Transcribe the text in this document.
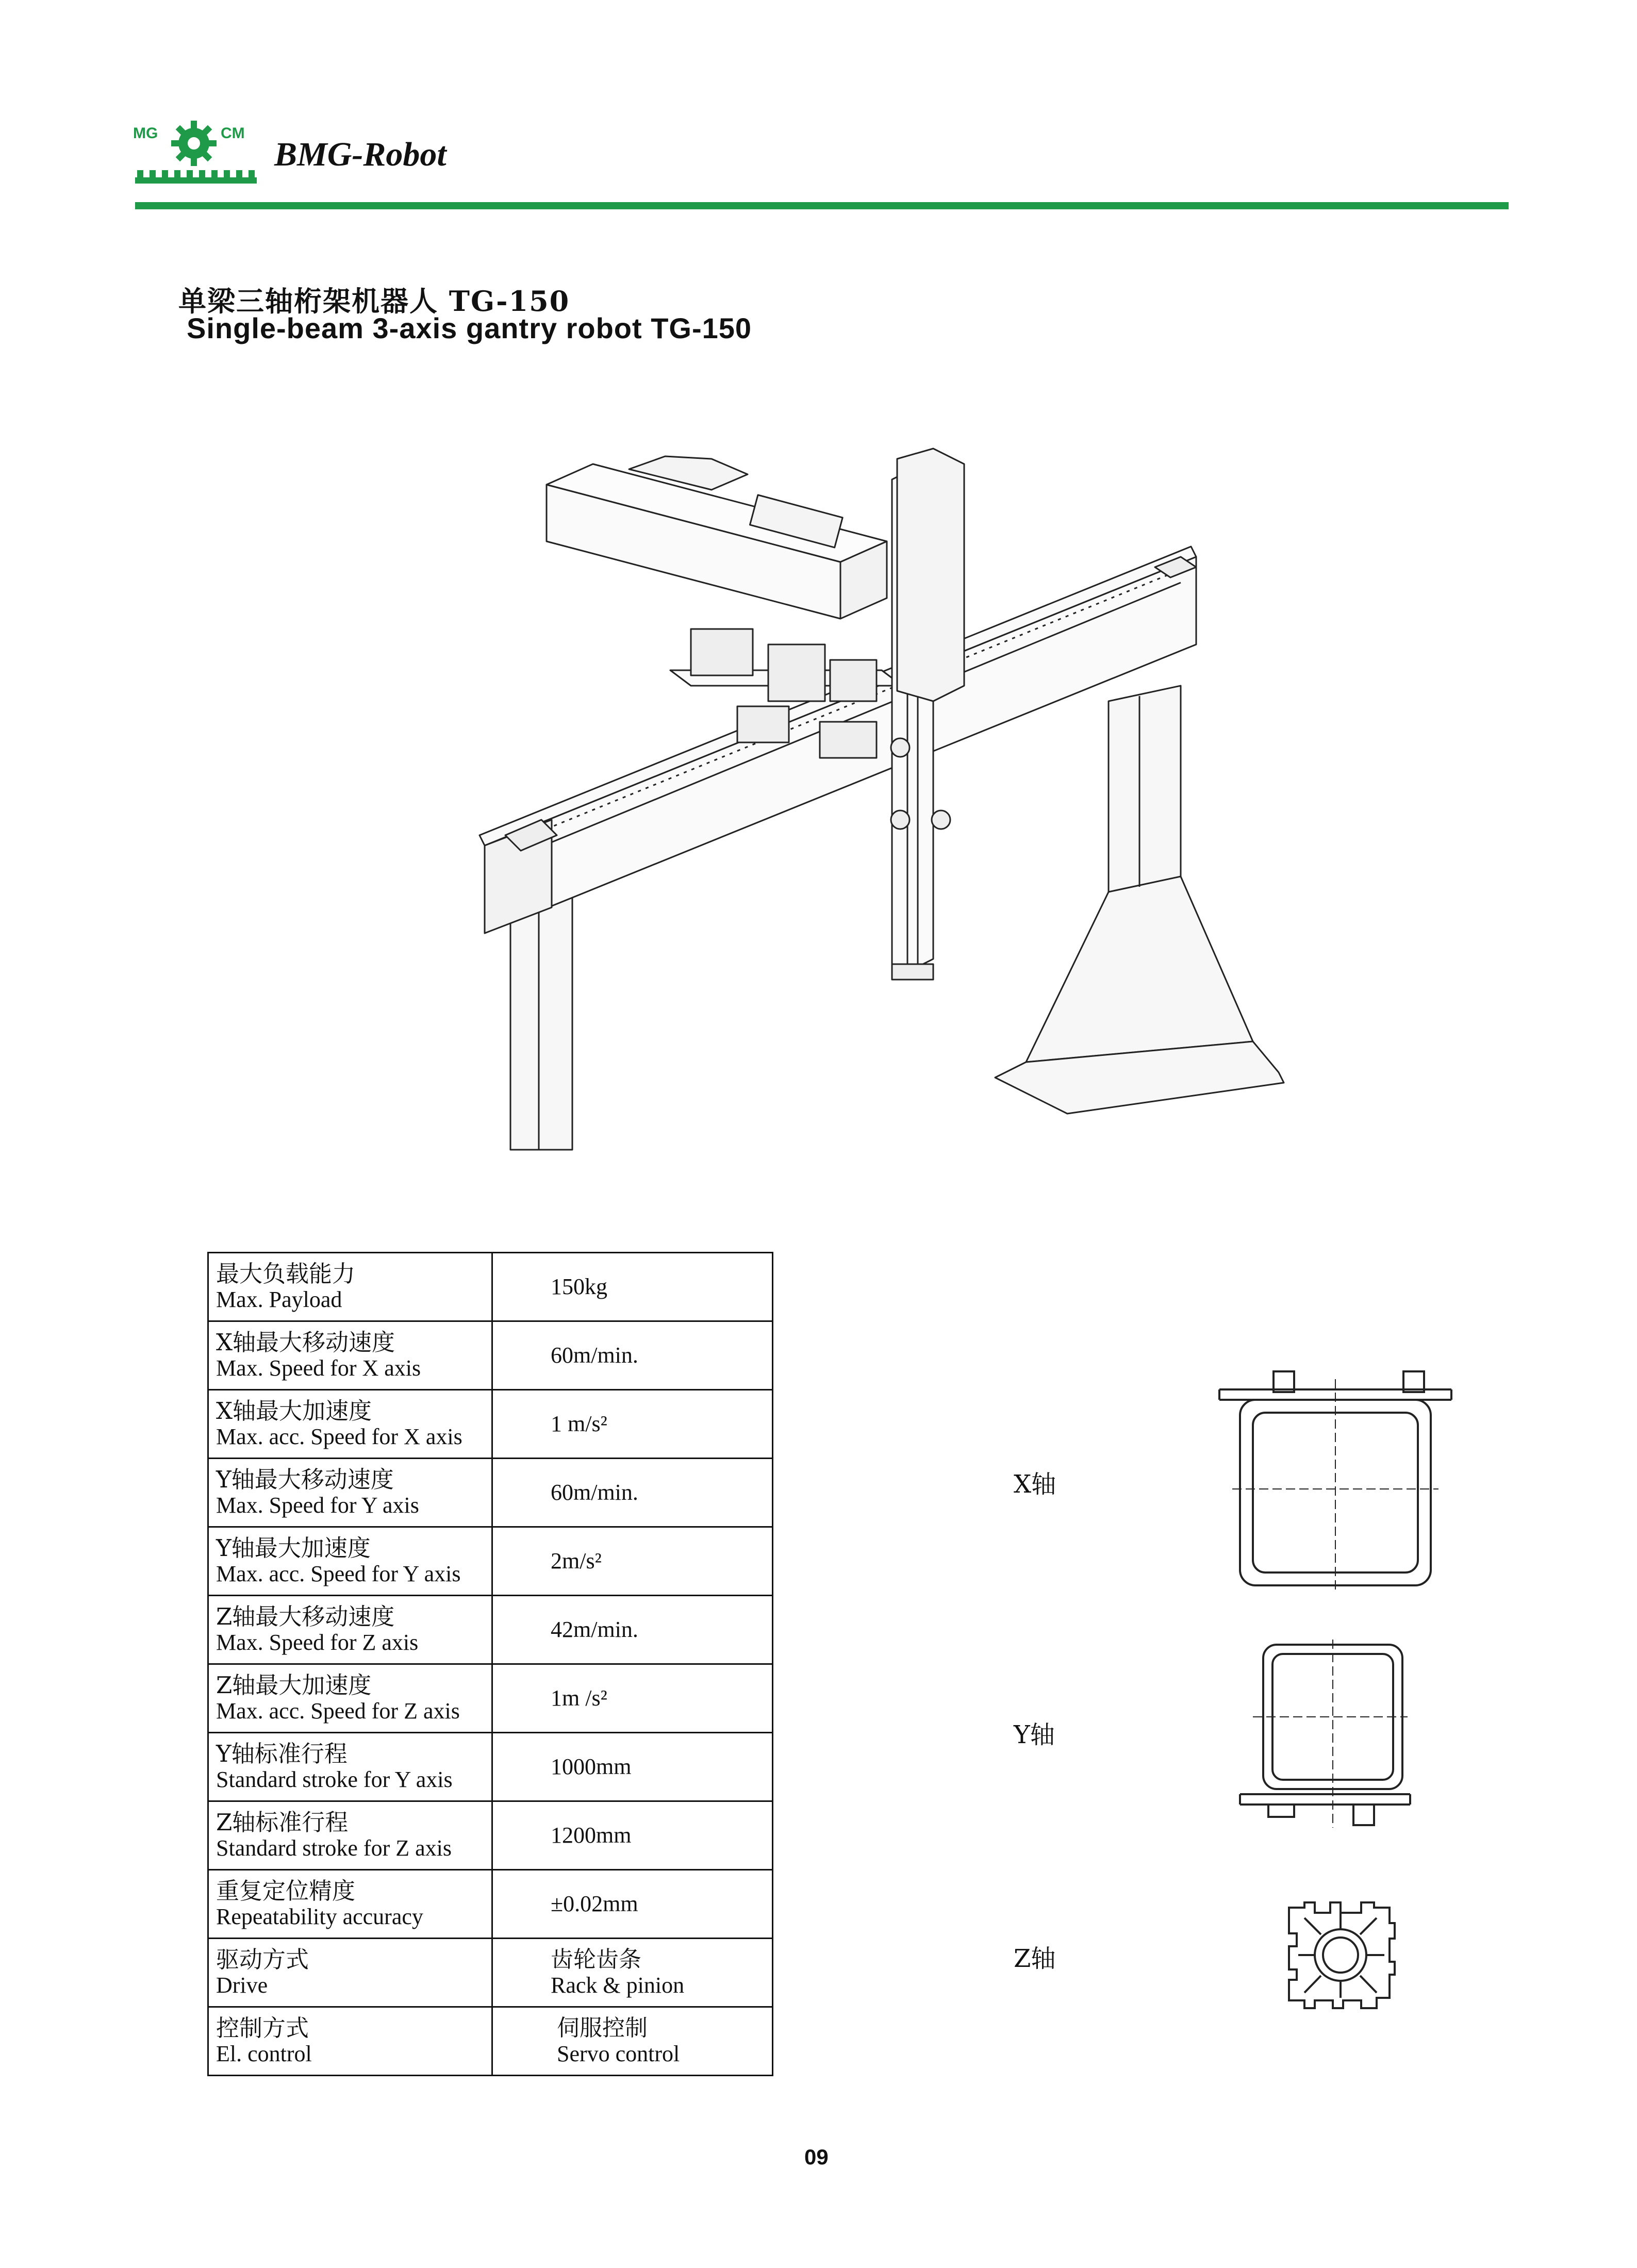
MG	CM
BMG-Robot
单梁三轴桁架机器人 TG-150
Single-beam 3-axis gantry robot TG-150
最大负载能力
Max. Payload	150kg

X轴最大移动速度
Max. Speed for X axis	60m/min.

X轴最大加速度
Max. acc. Speed for X axis	1 m/s²

Y轴最大移动速度
Max. Speed for Y axis	60m/min.

Y轴最大加速度
Max. acc. Speed for Y axis	2m/s²

Z轴最大移动速度
Max. Speed for Z axis	42m/min.

Z轴最大加速度
Max. acc. Speed for Z axis	1m /s²

Y轴标准行程
Standard stroke for Y axis	1000mm

Z轴标准行程
Standard stroke for Z axis	1200mm

重复定位精度
Repeatability accuracy	±0.02mm

驱动方式
Drive	齿轮齿条
Rack & pinion

控制方式
El. control	伺服控制
Servo control
X轴
Y轴
Z轴
09
